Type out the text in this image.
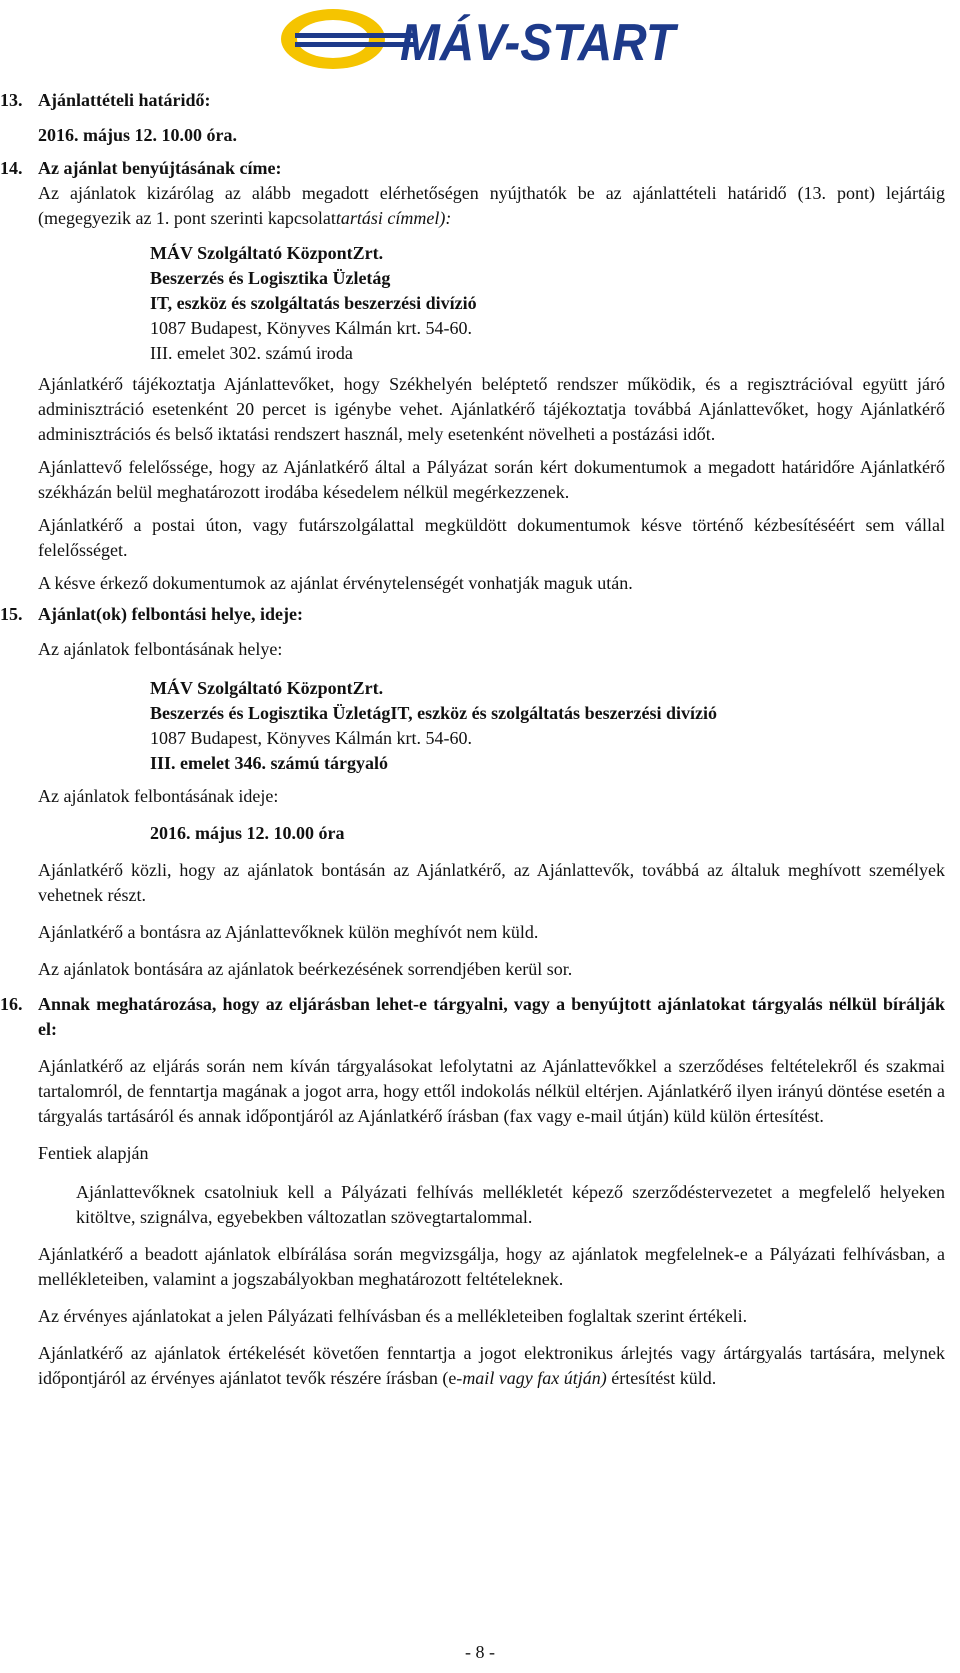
MÁV-START
13. Ajánlattételi határidő:
2016. május 12. 10.00 óra.
14. Az ajánlat benyújtásának címe:

Az ajánlatok kizárólag az alább megadott elérhetőségen nyújthatók be az ajánlattételi határidő (13. pont) lejártáig (megegyezik az 1. pont szerinti kapcsolattartási címmel):

MÁV Szolgáltató KözpontZrt.
Beszerzés és Logisztika Üzletág
IT, eszköz és szolgáltatás beszerzési divízió
1087 Budapest, Könyves Kálmán krt. 54-60.
III. emelet 302. számú iroda

Ajánlatkérő tájékoztatja Ajánlattevőket, hogy Székhelyén beléptető rendszer működik, és a regisztrációval együtt járó adminisztráció esetenként 20 percet is igénybe vehet. Ajánlatkérő tájékoztatja továbbá Ajánlattevőket, hogy Ajánlatkérő adminisztrációs és belső iktatási rendszert használ, mely esetenként növelheti a postázási időt.

Ajánlattevő felelőssége, hogy az Ajánlatkérő által a Pályázat során kért dokumentumok a megadott határidőre Ajánlatkérő székházán belül meghatározott irodába késedelem nélkül megérkezzenek.

Ajánlatkérő a postai úton, vagy futárszolgálattal megküldött dokumentumok késve történő kézbesítéséért sem vállal felelősséget.

A késve érkező dokumentumok az ajánlat érvénytelenségét vonhatják maguk után.

15. Ajánlat(ok) felbontási helye, ideje:
Az ajánlatok felbontásának helye:
MÁV Szolgáltató KözpontZrt.
Beszerzés és Logisztika ÜzletágIT, eszköz és szolgáltatás beszerzési divízió
1087 Budapest, Könyves Kálmán krt. 54-60.
III. emelet 346. számú tárgyaló
Az ajánlatok felbontásának ideje:
2016. május 12. 10.00 óra

Ajánlatkérő közli, hogy az ajánlatok bontásán az Ajánlatkérő, az Ajánlattevők, továbbá az általuk meghívott személyek vehetnek részt.

Ajánlatkérő a bontásra az Ajánlattevőknek külön meghívót nem küld.

Az ajánlatok bontására az ajánlatok beérkezésének sorrendjében kerül sor.

16. Annak meghatározása, hogy az eljárásban lehet-e tárgyalni, vagy a benyújtott ajánlatokat tárgyalás nélkül bírálják el:

Ajánlatkérő az eljárás során nem kíván tárgyalásokat lefolytatni az Ajánlattevőkkel a szerződéses feltételekről és szakmai tartalomról, de fenntartja magának a jogot arra, hogy ettől indokolás nélkül eltérjen. Ajánlatkérő ilyen irányú döntése esetén a tárgyalás tartásáról és annak időpontjáról az Ajánlatkérő írásban (fax vagy e-mail útján) küld külön értesítést.

Fentiek alapján

Ajánlattevőknek csatolniuk kell a Pályázati felhívás mellékletét képező szerződéstervezetet a megfelelő helyeken kitöltve, szignálva, egyebekben változatlan szövegtartalommal.

Ajánlatkérő a beadott ajánlatok elbírálása során megvizsgálja, hogy az ajánlatok megfelelnek-e a Pályázati felhívásban, a mellékleteiben, valamint a jogszabályokban meghatározott feltételeknek.

Az érvényes ajánlatokat a jelen Pályázati felhívásban és a mellékleteiben foglaltak szerint értékeli.

Ajánlatkérő az ajánlatok értékelését követően fenntartja a jogot elektronikus árlejtés vagy ártárgyalás tartására, melynek időpontjáról az érvényes ajánlatot tevők részére írásban (e-mail vagy fax útján) értesítést küld.

- 8 -
